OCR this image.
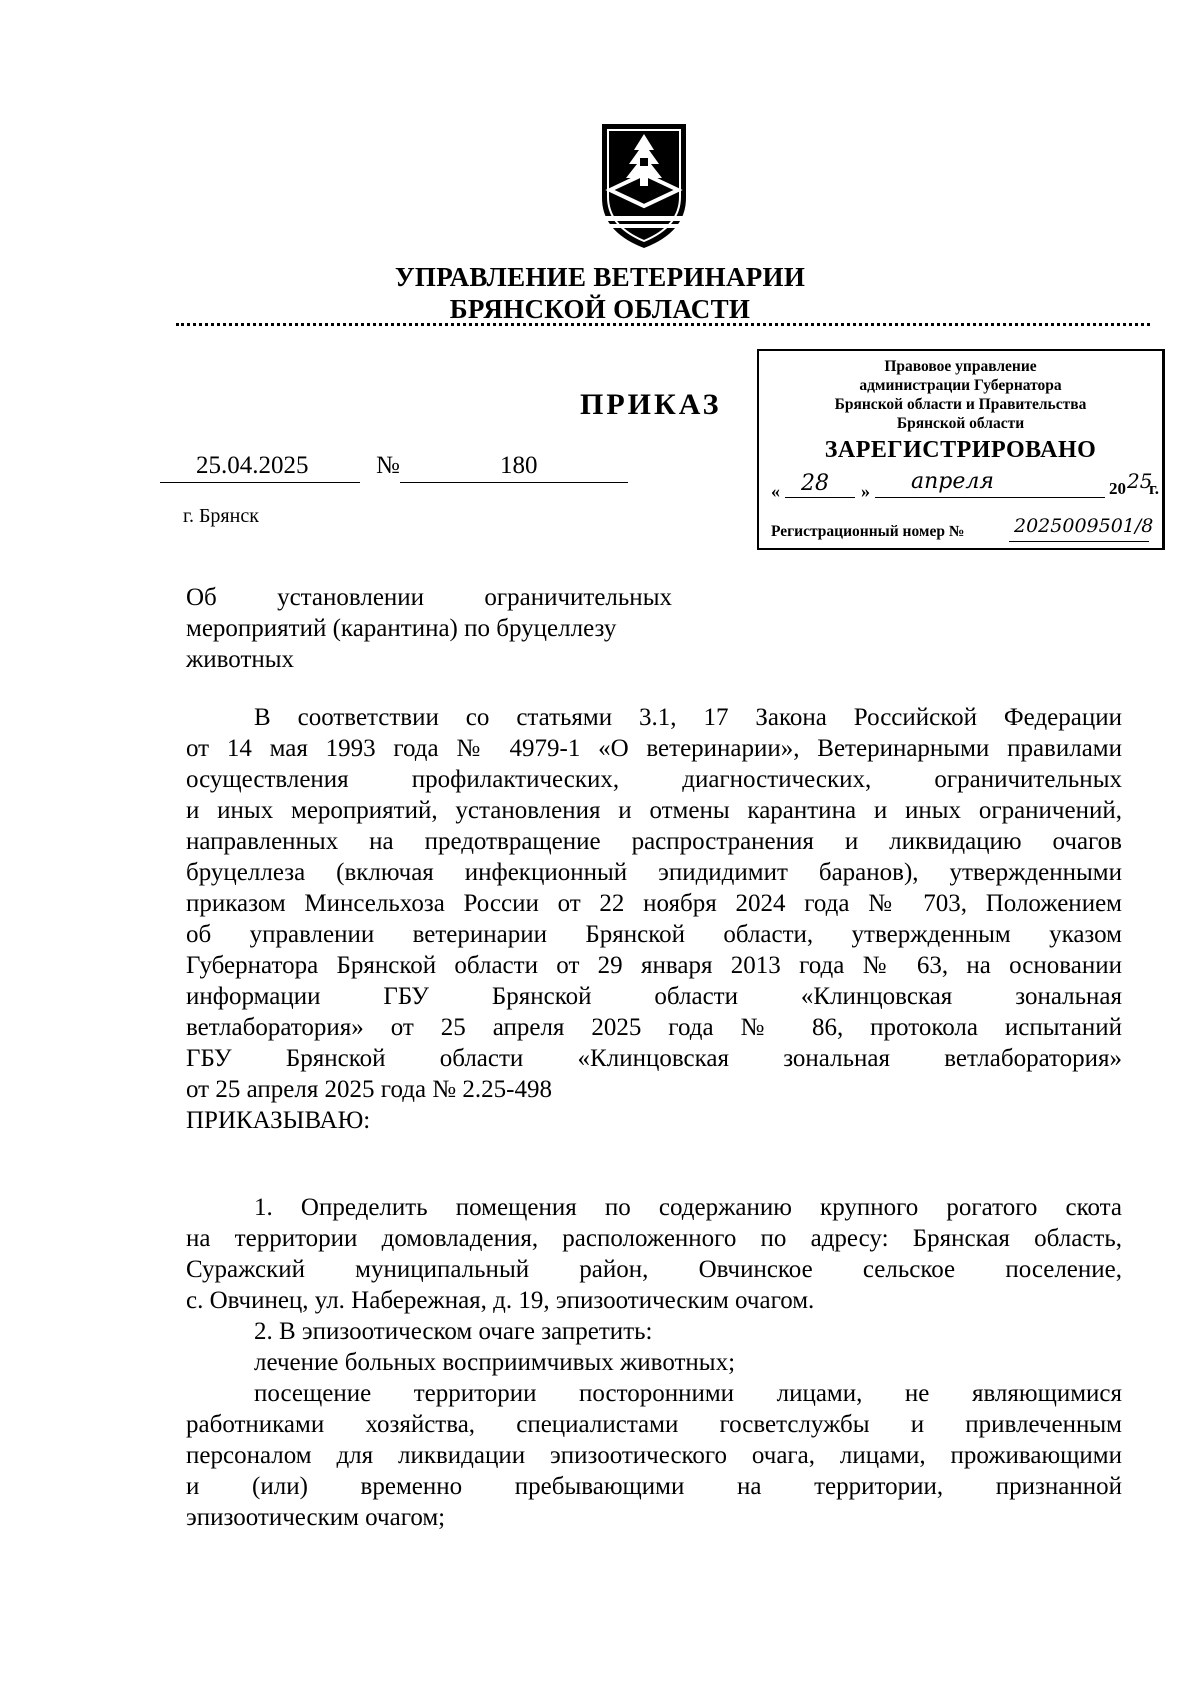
УПРАВЛЕНИЕ ВЕТЕРИНАРИИ
БРЯНСКОЙ ОБЛАСТИ
Правовое управление
администрации Губернатора
Брянской области и Правительства
Брянской области
ЗАРЕГИСТРИРОВАНО
« 28 » апреля	20 25
г.
Регистрационный номер №	2025009501/8
ПРИКАЗ
25.04.2025	№	180
г. Брянск
Об установлении ограничительных
мероприятий (карантина) по бруцеллезу
животных
В соответствии со статьями 3.1, 17 Закона Российской Федерации
от 14 мая 1993 года № 4979-1 «О ветеринарии», Ветеринарными правилами
осуществления профилактических, диагностических, ограничительных
и иных мероприятий, установления и отмены карантина и иных ограничений,
направленных на предотвращение распространения и ликвидацию очагов
бруцеллеза (включая инфекционный эпидидимит баранов), утвержденными
приказом Минсельхоза России от 22 ноября 2024 года № 703, Положением
об управлении ветеринарии Брянской области, утвержденным указом
Губернатора Брянской области от 29 января 2013 года № 63, на основании
информации ГБУ Брянской области «Клинцовская зональная
ветлаборатория» от 25 апреля 2025 года № 86, протокола испытаний
ГБУ Брянской области «Клинцовская зональная ветлаборатория»
от 25 апреля 2025 года № 2.25-498
ПРИКАЗЫВАЮ:
1. Определить помещения по содержанию крупного рогатого скота
на территории домовладения, расположенного по адресу: Брянская область,
Суражский муниципальный район, Овчинское сельское поселение,
с. Овчинец, ул. Набережная, д. 19, эпизоотическим очагом.
2. В эпизоотическом очаге запретить:
лечение больных восприимчивых животных;
посещение территории посторонними лицами, не являющимися
работниками хозяйства, специалистами госветслужбы и привлеченным
персоналом для ликвидации эпизоотического очага, лицами, проживающими
и (или) временно пребывающими на территории, признанной
эпизоотическим очагом;
